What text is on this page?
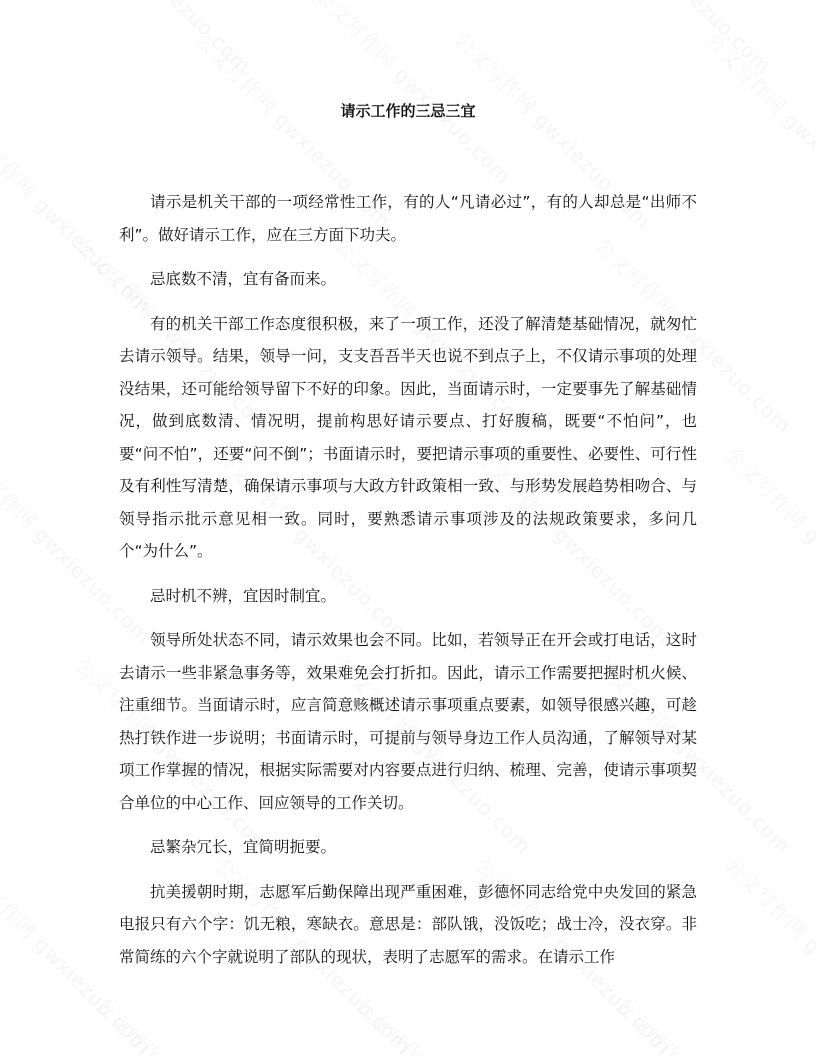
请示工作的三忌三宜

请示是机关干部的一项经常性工作，有的人“凡请必过”，有的人却总是“出师不利”。做好请示工作，应在三方面下功夫。

忌底数不清，宜有备而来。

有的机关干部工作态度很积极，来了一项工作，还没了解清楚基础情况，就匆忙去请示领导。结果，领导一问，支支吾吾半天也说不到点子上，不仅请示事项的处理没结果，还可能给领导留下不好的印象。因此，当面请示时，一定要事先了解基础情况，做到底数清、情况明，提前构思好请示要点、打好腹稿，既要“不怕问”，也要“问不怕”，还要“问不倒”；书面请示时，要把请示事项的重要性、必要性、可行性及有利性写清楚，确保请示事项与大政方针政策相一致、与形势发展趋势相吻合、与领导指示批示意见相一致。同时，要熟悉请示事项涉及的法规政策要求，多问几个“为什么”。

忌时机不辨，宜因时制宜。

领导所处状态不同，请示效果也会不同。比如，若领导正在开会或打电话，这时去请示一些非紧急事务等，效果难免会打折扣。因此，请示工作需要把握时机火候、注重细节。当面请示时，应言简意赅概述请示事项重点要素，如领导很感兴趣，可趁热打铁作进一步说明；书面请示时，可提前与领导身边工作人员沟通，了解领导对某项工作掌握的情况，根据实际需要对内容要点进行归纳、梳理、完善，使请示事项契合单位的中心工作、回应领导的工作关切。

忌繁杂冗长，宜简明扼要。

抗美援朝时期，志愿军后勤保障出现严重困难，彭德怀同志给党中央发回的紧急电报只有六个字：饥无粮，寒缺衣。意思是：部队饿，没饭吃；战士冷，没衣穿。非常简练的六个字就说明了部队的现状，表明了志愿军的需求。在请示工作
